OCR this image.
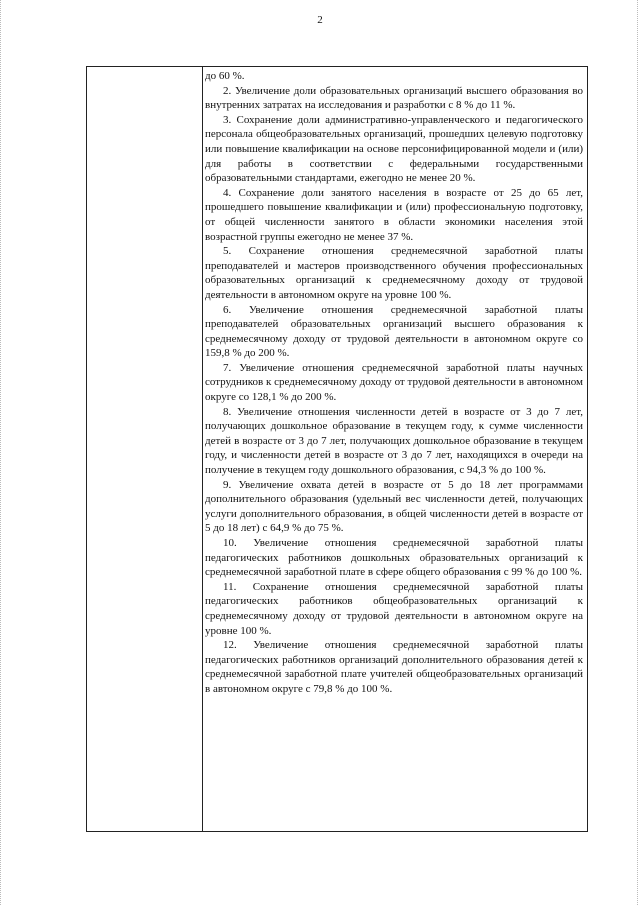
2

до 60 %.

2. Увеличение доли образовательных организаций высшего образования во внутренних затратах на исследования и разработки с 8 % до 11 %.

3. Сохранение доли административно-управленческого и педагогического персонала общеобразовательных организаций, прошедших целевую подготовку или повышение квалификации на основе персонифицированной модели и (или) для работы в соответствии с федеральными государственными образовательными стандартами, ежегодно не менее 20 %.

4. Сохранение доли занятого населения в возрасте от 25 до 65 лет, прошедшего повышение квалификации и (или) профессиональную подготовку, от общей численности занятого в области экономики населения этой возрастной группы ежегодно не менее 37 %.

5. Сохранение отношения среднемесячной заработной платы преподавателей и мастеров производственного обучения профессиональных образовательных организаций к среднемесячному доходу от трудовой деятельности в автономном округе на уровне 100 %.

6. Увеличение отношения среднемесячной заработной платы преподавателей образовательных организаций высшего образования к среднемесячному доходу от трудовой деятельности в автономном округе со 159,8 % до 200 %.

7. Увеличение отношения среднемесячной заработной платы научных сотрудников к среднемесячному доходу от трудовой деятельности в автономном округе со 128,1 % до 200 %.

8. Увеличение отношения численности детей в возрасте от 3 до 7 лет, получающих дошкольное образование в текущем году, к сумме численности детей в возрасте от 3 до 7 лет, получающих дошкольное образование в текущем году, и численности детей в возрасте от 3 до 7 лет, находящихся в очереди на получение в текущем году дошкольного образования, с 94,3 % до 100 %.

9. Увеличение охвата детей в возрасте от 5 до 18 лет программами дополнительного образования (удельный вес численности детей, получающих услуги дополнительного образования, в общей численности детей в возрасте от 5 до 18 лет) с 64,9 % до 75 %.

10. Увеличение отношения среднемесячной заработной платы педагогических работников дошкольных образовательных организаций к среднемесячной заработной плате в сфере общего образования с 99 % до 100 %.

11. Сохранение отношения среднемесячной заработной платы педагогических работников общеобразовательных организаций к среднемесячному доходу от трудовой деятельности в автономном округе на уровне 100 %.

12. Увеличение отношения среднемесячной заработной платы педагогических работников организаций дополнительного образования детей к среднемесячной заработной плате учителей общеобразовательных организаций в автономном округе с 79,8 % до 100 %.
